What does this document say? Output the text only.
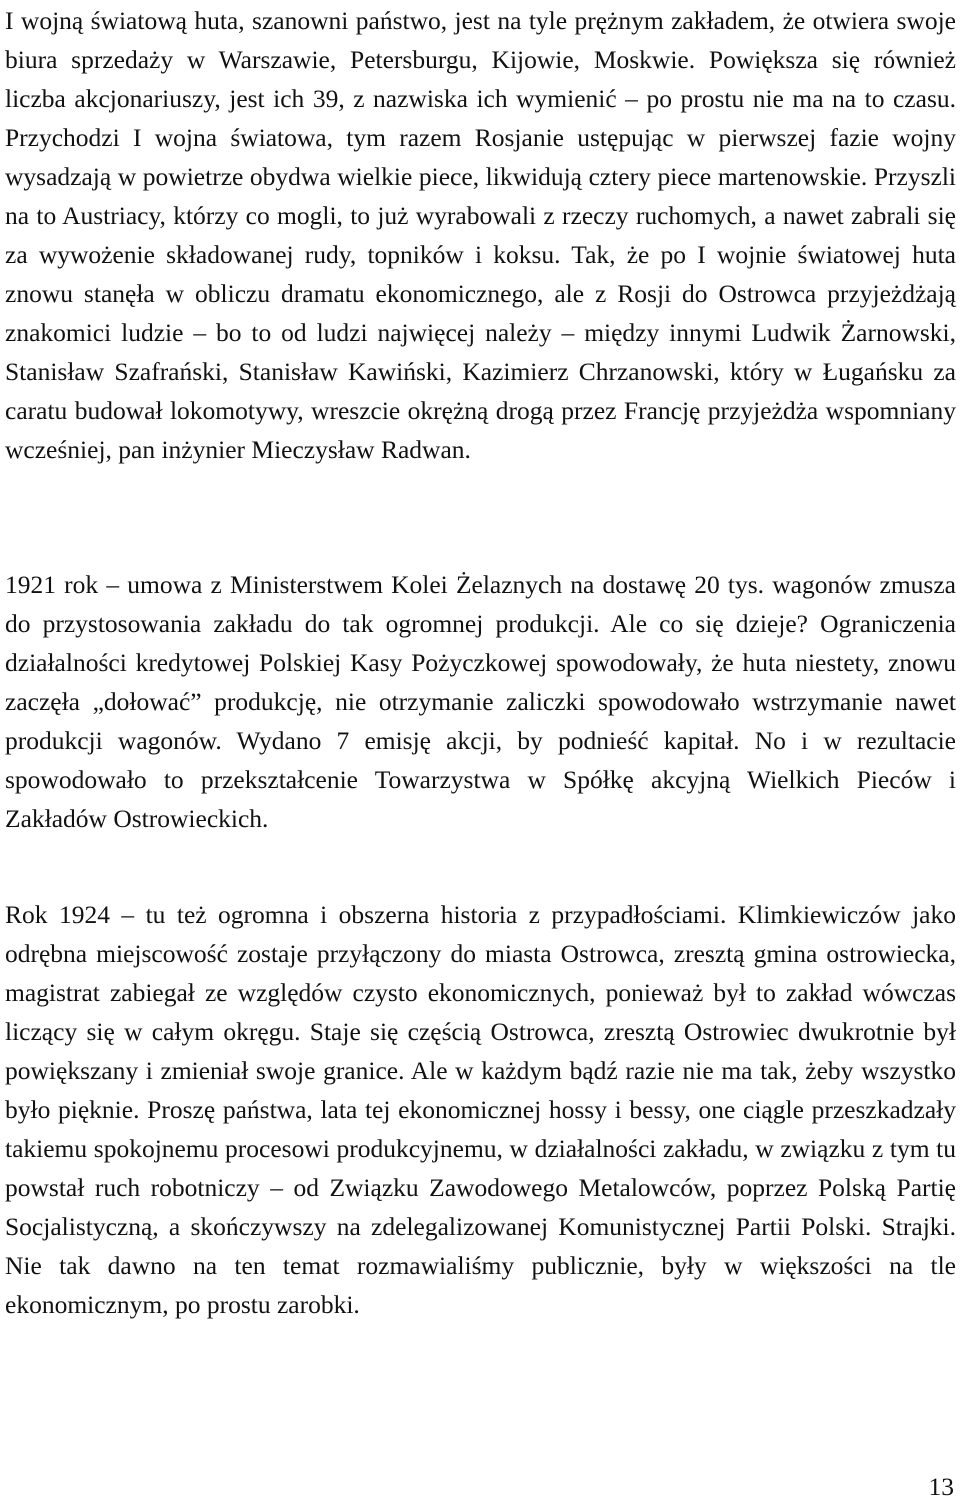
I wojną światową huta, szanowni państwo, jest na tyle prężnym zakładem, że otwiera swoje biura sprzedaży w Warszawie, Petersburgu, Kijowie, Moskwie. Powiększa się również liczba akcjonariuszy, jest ich 39, z nazwiska ich wymienić – po prostu nie ma na to czasu. Przychodzi I wojna światowa, tym razem Rosjanie ustępując w pierwszej fazie wojny wysadzają w powietrze obydwa wielkie piece, likwidują cztery piece martenowskie. Przyszli na to Austriacy, którzy co mogli, to już wyrabowali z rzeczy ruchomych, a nawet zabrali się za wywożenie składowanej rudy, topników i koksu. Tak, że po I wojnie światowej huta znowu stanęła w obliczu dramatu ekonomicznego, ale z Rosji do Ostrowca przyjeżdżają znakomici ludzie – bo to od ludzi najwięcej należy – między innymi Ludwik Żarnowski, Stanisław Szafrański, Stanisław Kawiński, Kazimierz Chrzanowski, który w Ługańsku za caratu budował lokomotywy, wreszcie okrężną drogą przez Francję przyjeżdża wspomniany wcześniej, pan inżynier Mieczysław Radwan.

1921 rok – umowa z Ministerstwem Kolei Żelaznych na dostawę 20 tys. wagonów zmusza do przystosowania zakładu do tak ogromnej produkcji. Ale co się dzieje? Ograniczenia działalności kredytowej Polskiej Kasy Pożyczkowej spowodowały, że huta niestety, znowu zaczęła „dołować” produkcję, nie otrzymanie zaliczki spowodowało wstrzymanie nawet produkcji wagonów. Wydano 7 emisję akcji, by podnieść kapitał. No i w rezultacie spowodowało to przekształcenie Towarzystwa w Spółkę akcyjną Wielkich Pieców i Zakładów Ostrowieckich.

Rok 1924 – tu też ogromna i obszerna historia z przypadłościami. Klimkiewiczów jako odrębna miejscowość zostaje przyłączony do miasta Ostrowca, zresztą gmina ostrowiecka, magistrat zabiegał ze względów czysto ekonomicznych, ponieważ był to zakład wówczas liczący się w całym okręgu. Staje się częścią Ostrowca, zresztą Ostrowiec dwukrotnie był powiększany i zmieniał swoje granice. Ale w każdym bądź razie nie ma tak, żeby wszystko było pięknie. Proszę państwa, lata tej ekonomicznej hossy i bessy, one ciągle przeszkadzały takiemu spokojnemu procesowi produkcyjnemu, w działalności zakładu, w związku z tym tu powstał ruch robotniczy – od Związku Zawodowego Metalowców, poprzez Polską Partię Socjalistyczną, a skończywszy na zdelegalizowanej Komunistycznej Partii Polski. Strajki. Nie tak dawno na ten temat rozmawialiśmy publicznie, były w większości na tle ekonomicznym, po prostu zarobki.

13
